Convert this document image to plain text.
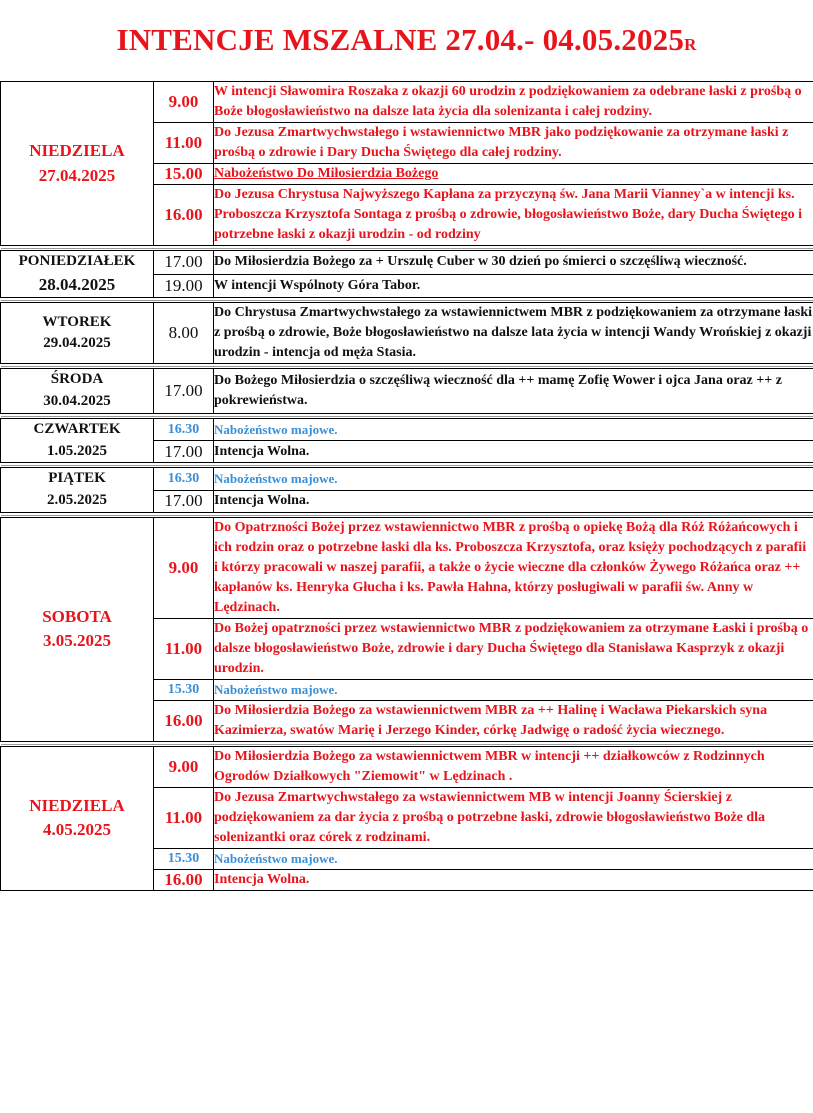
INTENCJE MSZALNE 27.04.- 04.05.2025R
NIEDZIELA
27.04.2025	9.00	W intencji Sławomira Roszaka z okazji 60 urodzin z podziękowaniem za odebrane łaski z prośbą o Boże błogosławieństwo na dalsze lata życia dla solenizanta i całej rodziny.
	11.00	Do Jezusa Zmartwychwstałego i wstawiennictwo MBR jako podziękowanie za otrzymane łaski z prośbą o zdrowie i Dary Ducha Świętego dla całej rodziny.
	15.00	Nabożeństwo Do Miłosierdzia Bożego
	16.00	Do Jezusa Chrystusa Najwyższego Kapłana za przyczyną św. Jana Marii Vianney`a w intencji ks. Proboszcza Krzysztofa Sontaga z prośbą o zdrowie, błogosławieństwo Boże, dary Ducha Świętego i potrzebne łaski z okazji urodzin - od rodziny

PONIEDZIAŁEK
28.04.2025	17.00	Do Miłosierdzia Bożego za + Urszulę Cuber w 30 dzień po śmierci o szczęśliwą wieczność.
	19.00	W intencji Wspólnoty Góra Tabor.

WTOREK
29.04.2025	8.00	Do Chrystusa Zmartwychwstałego za wstawiennictwem MBR z podziękowaniem za otrzymane łaski z prośbą o zdrowie, Boże błogosławieństwo na dalsze lata życia w intencji Wandy Wrońskiej z okazji urodzin - intencja od męża Stasia.

ŚRODA
30.04.2025	17.00	Do Bożego Miłosierdzia o szczęśliwą wieczność dla ++ mamę Zofię Wower i ojca Jana oraz ++ z pokrewieństwa.

CZWARTEK
1.05.2025	16.30	Nabożeństwo majowe.
	17.00	Intencja Wolna.

PIĄTEK
2.05.2025	16.30	Nabożeństwo majowe.
	17.00	Intencja Wolna.

SOBOTA
3.05.2025	9.00	Do Opatrzności Bożej przez wstawiennictwo MBR z prośbą o opiekę Bożą dla Róż Różańcowych i ich rodzin oraz o potrzebne łaski dla ks. Proboszcza Krzysztofa, oraz księży pochodzących z parafii i którzy pracowali w naszej parafii, a także o życie wieczne dla członków Żywego Różańca oraz ++ kapłanów ks. Henryka Głucha i ks. Pawła Hahna, którzy posługiwali w parafii św. Anny w Lędzinach.
	11.00	Do Bożej opatrzności przez wstawiennictwo MBR z podziękowaniem za otrzymane Łaski i prośbą o dalsze błogosławieństwo Boże, zdrowie i dary Ducha Świętego dla Stanisława Kasprzyk z okazji urodzin.
	15.30	Nabożeństwo majowe.
	16.00	Do Miłosierdzia Bożego za wstawiennictwem MBR za ++ Halinę i Wacława Piekarskich syna Kazimierza, swatów Marię i Jerzego Kinder, córkę Jadwigę o radość życia wiecznego.

NIEDZIELA
4.05.2025	9.00	Do Miłosierdzia Bożego za wstawiennictwem MBR w intencji ++ działkowców z Rodzinnych Ogrodów Działkowych "Ziemowit" w Lędzinach .
	11.00	Do Jezusa Zmartwychwstałego za wstawiennictwem MB w intencji Joanny Ścierskiej z podziękowaniem za dar życia z prośbą o potrzebne łaski, zdrowie błogosławieństwo Boże dla solenizantki oraz córek z rodzinami.
	15.30	Nabożeństwo majowe.
	16.00	Intencja Wolna.
